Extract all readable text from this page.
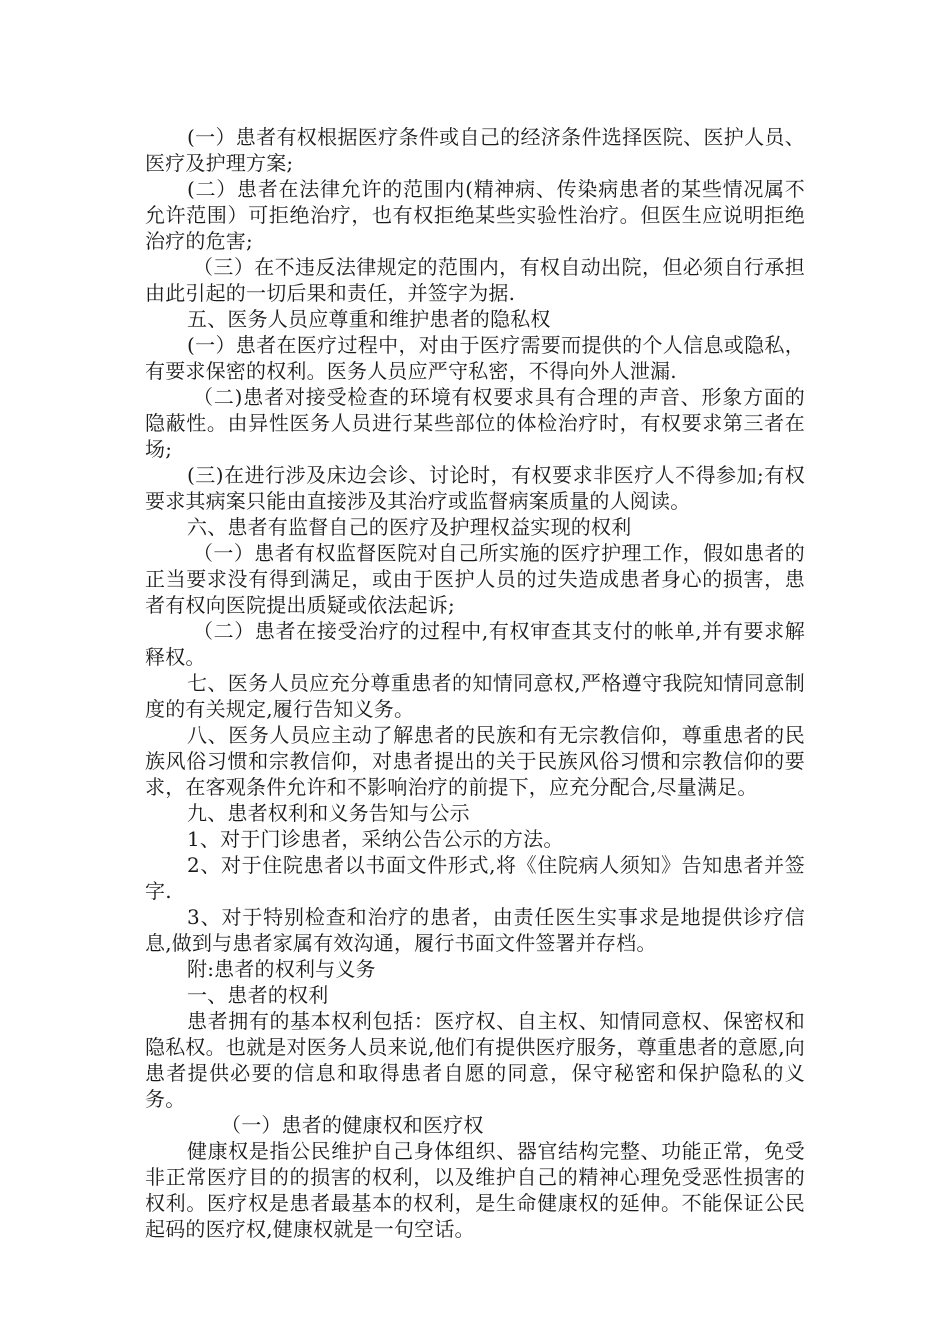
(一）患者有权根据医疗条件或自己的经济条件选择医院、医护人员、医疗及护理方案;

(二）患者在法律允许的范围内(精神病、传染病患者的某些情况属不允许范围）可拒绝治疗，也有权拒绝某些实验性治疗。但医生应说明拒绝治疗的危害;

（三）在不违反法律规定的范围内，有权自动出院，但必须自行承担由此引起的一切后果和责任，并签字为据.

五、医务人员应尊重和维护患者的隐私权

(一）患者在医疗过程中，对由于医疗需要而提供的个人信息或隐私，有要求保密的权利。医务人员应严守私密，不得向外人泄漏.

（二)患者对接受检查的环境有权要求具有合理的声音、形象方面的隐蔽性。由异性医务人员进行某些部位的体检治疗时，有权要求第三者在场;

(三)在进行涉及床边会诊、讨论时，有权要求非医疗人不得参加;有权要求其病案只能由直接涉及其治疗或监督病案质量的人阅读。

六、患者有监督自己的医疗及护理权益实现的权利

（一）患者有权监督医院对自己所实施的医疗护理工作，假如患者的正当要求没有得到满足，或由于医护人员的过失造成患者身心的损害，患者有权向医院提出质疑或依法起诉;

（二）患者在接受治疗的过程中,有权审查其支付的帐单,并有要求解释权。

七、医务人员应充分尊重患者的知情同意权,严格遵守我院知情同意制度的有关规定,履行告知义务。

八、医务人员应主动了解患者的民族和有无宗教信仰，尊重患者的民族风俗习惯和宗教信仰，对患者提出的关于民族风俗习惯和宗教信仰的要求，在客观条件允许和不影响治疗的前提下，应充分配合,尽量满足。

九、患者权利和义务告知与公示

1、对于门诊患者，采纳公告公示的方法。

2、对于住院患者以书面文件形式,将《住院病人须知》告知患者并签字.

3、对于特别检查和治疗的患者，由责任医生实事求是地提供诊疗信息,做到与患者家属有效沟通，履行书面文件签署并存档。

附:患者的权利与义务

一、患者的权利

患者拥有的基本权利包括：医疗权、自主权、知情同意权、保密权和隐私权。也就是对医务人员来说,他们有提供医疗服务，尊重患者的意愿,向患者提供必要的信息和取得患者自愿的同意，保守秘密和保护隐私的义务。

（一）患者的健康权和医疗权

健康权是指公民维护自己身体组织、器官结构完整、功能正常，免受非正常医疗目的的损害的权利，以及维护自己的精神心理免受恶性损害的权利。医疗权是患者最基本的权利，是生命健康权的延伸。不能保证公民起码的医疗权,健康权就是一句空话。
